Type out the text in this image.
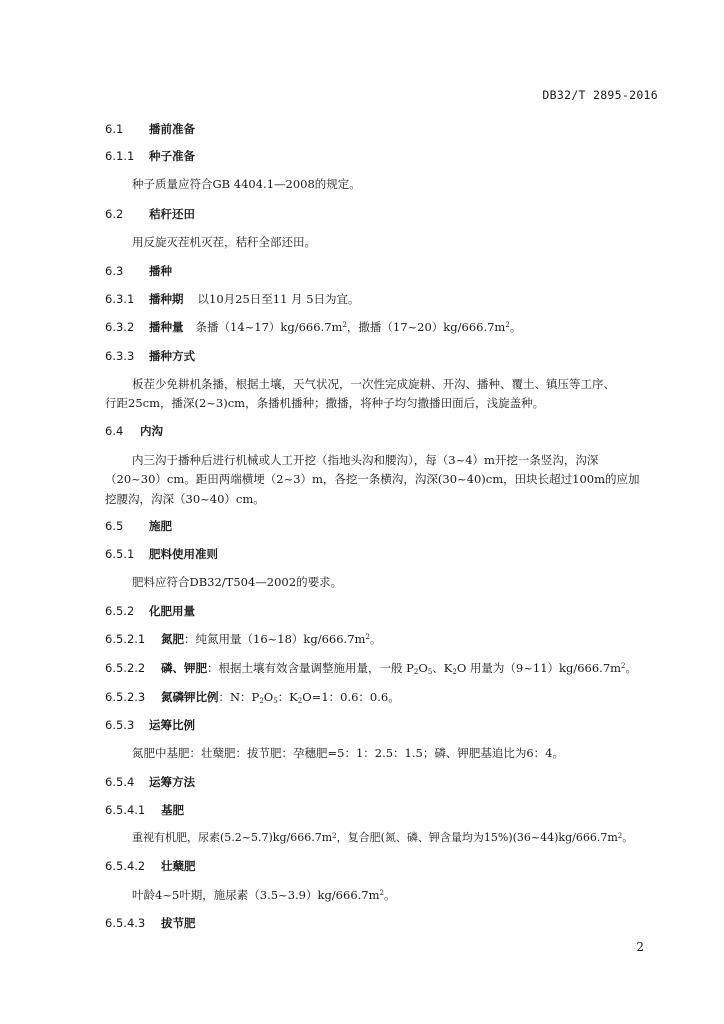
DB32/T 2895-2016
6.1 播前准备
6.1.1 种子准备
种子质量应符合GB 4404.1—2008的规定。
6.2 秸秆还田
用反旋灭茬机灭茬，秸秆全部还田。
6.3 播种
6.3.1 播种期 以10月25日至11 月 5日为宜。
6.3.2 播种量 条播$(14\sim 17)kg/666.7m^2$，撒播$(17\sim 20)kg/666.7m^2$。
6.3.3 播种方式
板茬少免耕机条播，根据土壤，天气状况，一次性完成旋耕、开沟、播种、覆土、镇压等工序、
行距25cm，播深(2~3)cm，条播机播种；撒播，将种子均匀撒播田面后，浅旋盖种。
6.4 内沟
内三沟于播种后进行机械或人工开挖（指地头沟和腰沟），每（3~4）m开挖一条竖沟，沟深
（20~30）cm。距田两端横埂（2~3）m，各挖一条横沟，沟深(30~40)cm，田块长超过100m的应加
挖腰沟，沟深（30~40）cm。
6.5 施肥
6.5.1 肥料使用准则
肥料应符合DB32/T504—2002的要求。
6.5.2 化肥用量
6.5.2.1 氮肥：纯氮用量$(16\sim 18)kg/666.7m^2$。
6.5.2.2 磷、钾肥：根据土壤有效含量调整施用量，一般 $P_2O_5$、$K_2O$ 用量为$(9\sim 11)kg/666.7m^2$。
6.5.2.3 氮磷钾比例：N：$P_2O_5$：$K_2O=1$：0.6：0.6。
6.5.3 运筹比例
氮肥中基肥：壮蘖肥：拔节肥：孕穗肥=5：1：2.5：1.5；磷、钾肥基追比为6：4。
6.5.4 运筹方法
6.5.4.1 基肥
重视有机肥，尿素$(5.2\sim 5.7)kg/666.7m^2$，复合肥(氮、磷、钾含量均为$15\%)(36\sim 44)kg/666.7m^2$。
6.5.4.2 壮蘖肥
叶龄4~5叶期，施尿素$(3.5\sim 3.9)kg/666.7m^2$。
6.5.4.3 拔节肥
2
